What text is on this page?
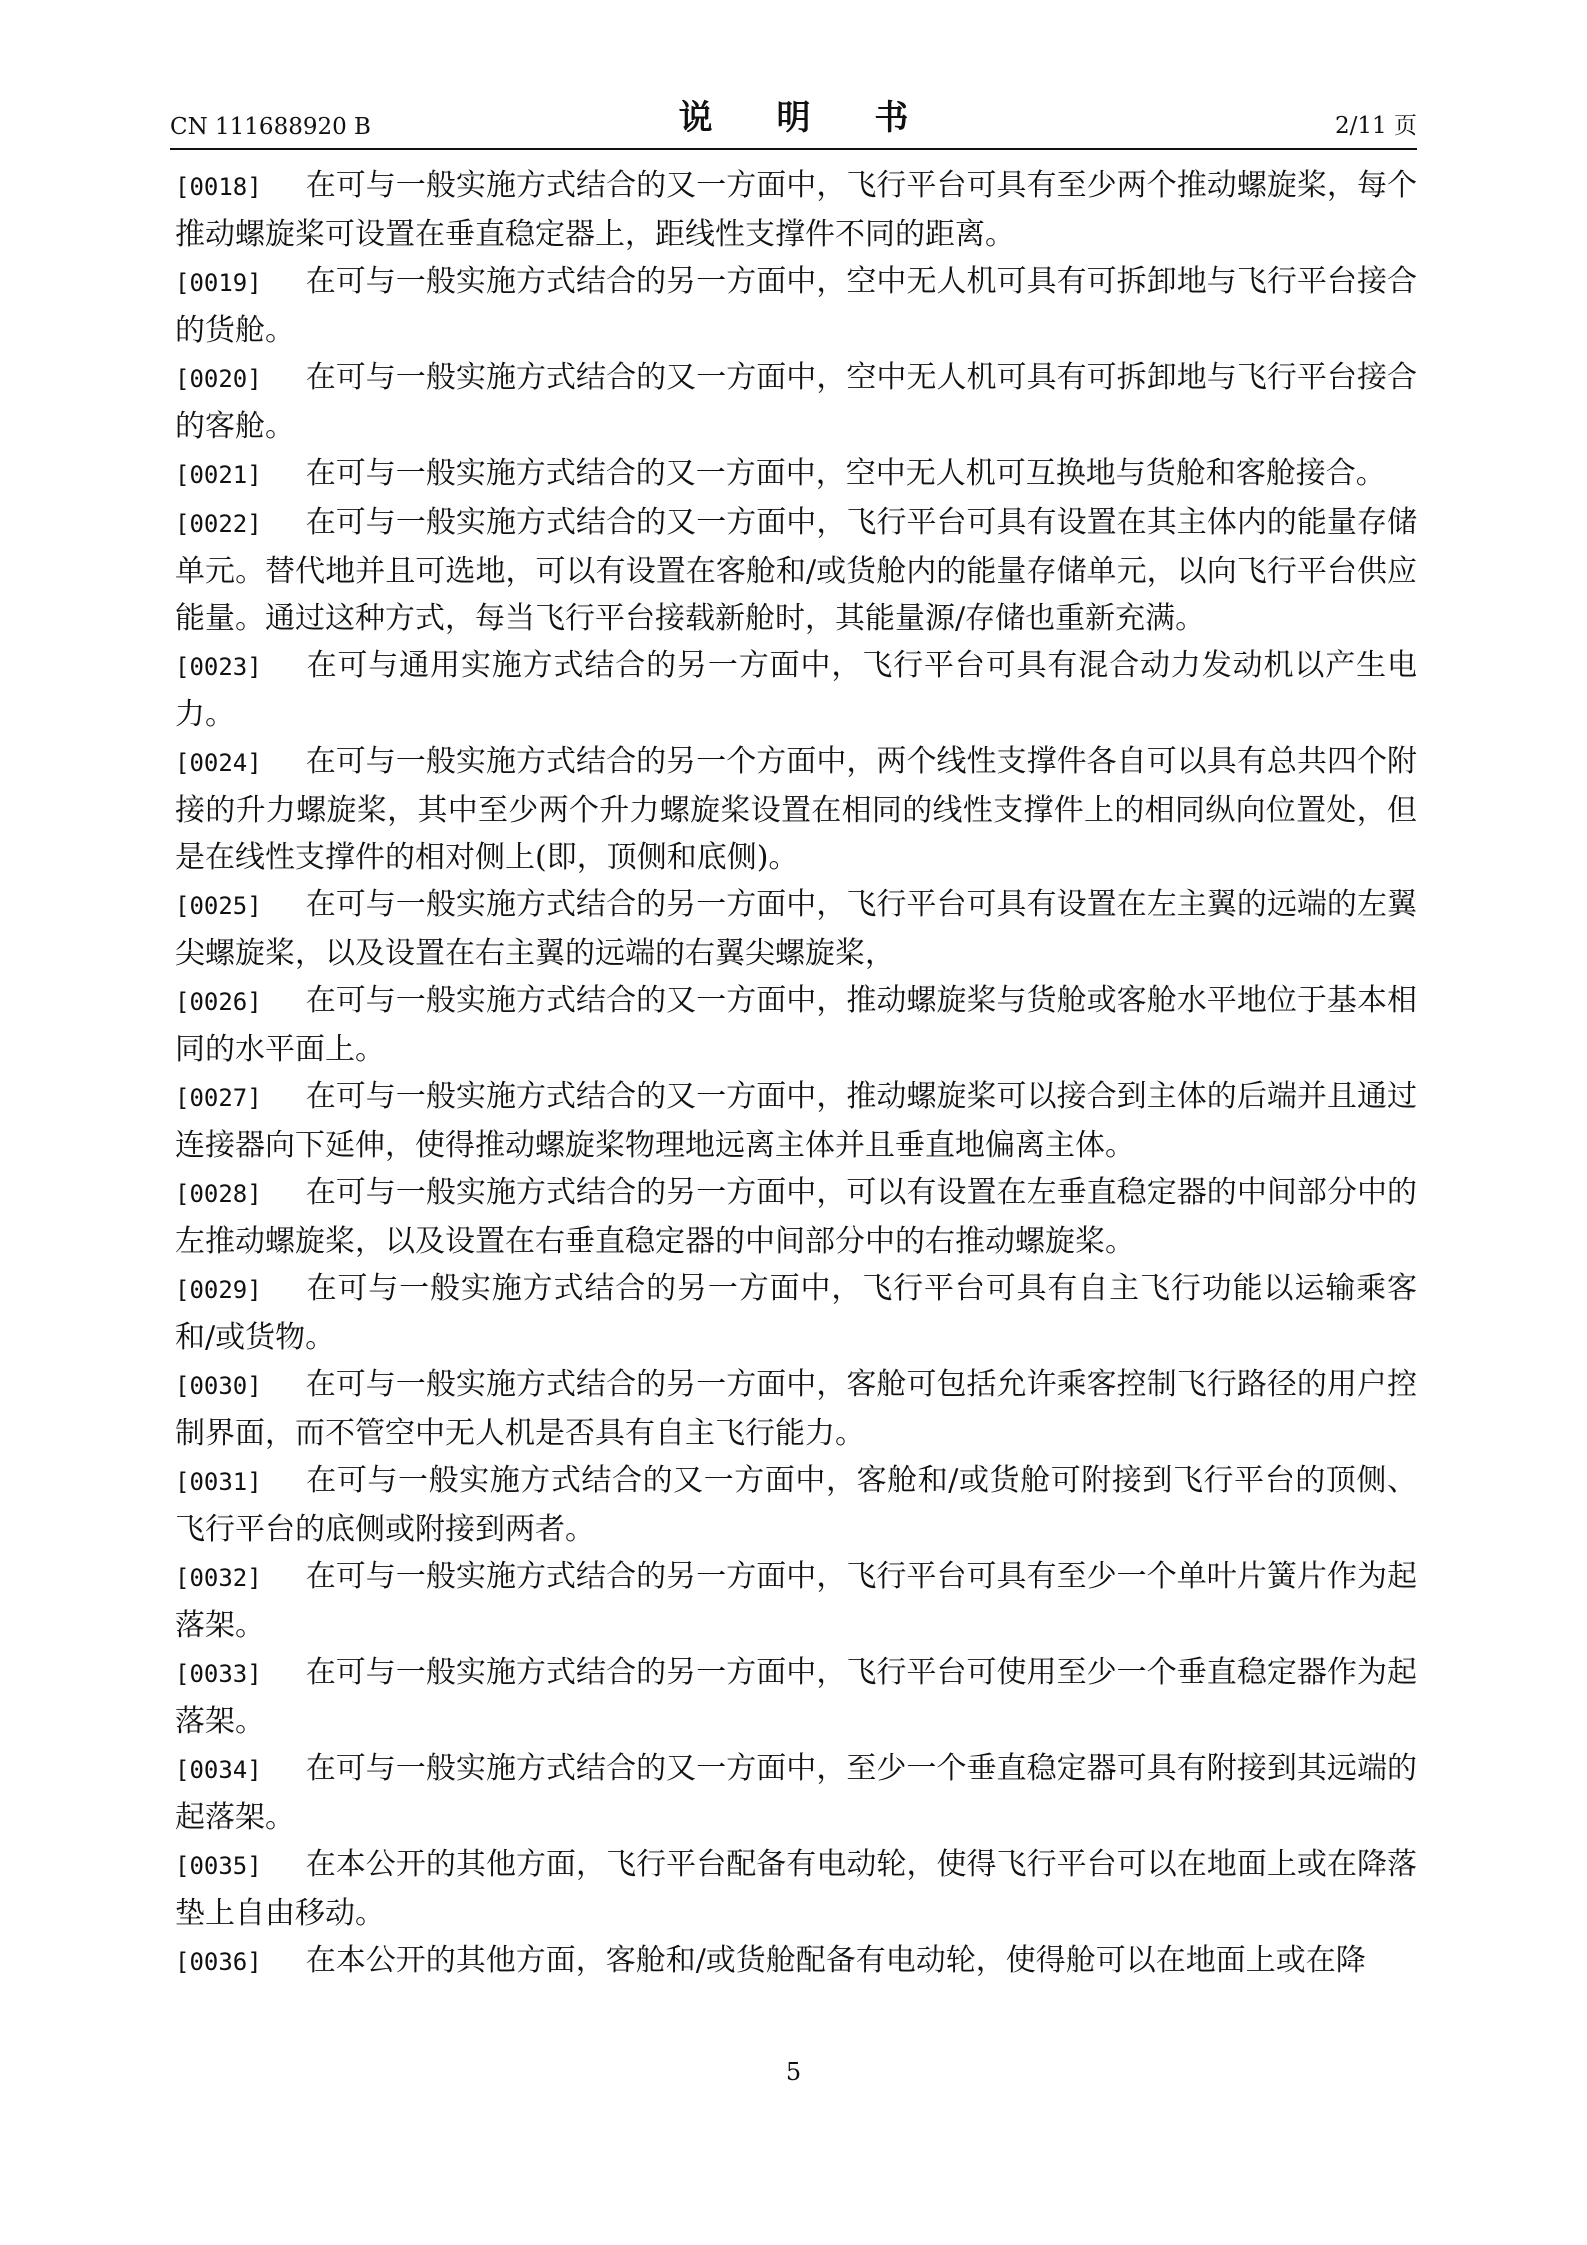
CN 111688920 B	说 明 书	2/11 页

[0018] 在可与一般实施方式结合的又一方面中，飞行平台可具有至少两个推动螺旋桨，每个推动螺旋桨可设置在垂直稳定器上，距线性支撑件不同的距离。

[0019] 在可与一般实施方式结合的另一方面中，空中无人机可具有可拆卸地与飞行平台接合的货舱。

[0020] 在可与一般实施方式结合的又一方面中，空中无人机可具有可拆卸地与飞行平台接合的客舱。

[0021] 在可与一般实施方式结合的又一方面中，空中无人机可互换地与货舱和客舱接合。

[0022] 在可与一般实施方式结合的又一方面中，飞行平台可具有设置在其主体内的能量存储单元。替代地并且可选地，可以有设置在客舱和/或货舱内的能量存储单元，以向飞行平台供应能量。通过这种方式，每当飞行平台接载新舱时，其能量源/存储也重新充满。

[0023] 在可与通用实施方式结合的另一方面中，飞行平台可具有混合动力发动机以产生电力。

[0024] 在可与一般实施方式结合的另一个方面中，两个线性支撑件各自可以具有总共四个附接的升力螺旋桨，其中至少两个升力螺旋桨设置在相同的线性支撑件上的相同纵向位置处，但是在线性支撑件的相对侧上(即，顶侧和底侧)。

[0025] 在可与一般实施方式结合的另一方面中，飞行平台可具有设置在左主翼的远端的左翼尖螺旋桨，以及设置在右主翼的远端的右翼尖螺旋桨，

[0026] 在可与一般实施方式结合的又一方面中，推动螺旋桨与货舱或客舱水平地位于基本相同的水平面上。

[0027] 在可与一般实施方式结合的又一方面中，推动螺旋桨可以接合到主体的后端并且通过连接器向下延伸，使得推动螺旋桨物理地远离主体并且垂直地偏离主体。

[0028] 在可与一般实施方式结合的另一方面中，可以有设置在左垂直稳定器的中间部分中的左推动螺旋桨，以及设置在右垂直稳定器的中间部分中的右推动螺旋桨。

[0029] 在可与一般实施方式结合的另一方面中，飞行平台可具有自主飞行功能以运输乘客和/或货物。

[0030] 在可与一般实施方式结合的另一方面中，客舱可包括允许乘客控制飞行路径的用户控制界面，而不管空中无人机是否具有自主飞行能力。

[0031] 在可与一般实施方式结合的又一方面中，客舱和/或货舱可附接到飞行平台的顶侧、飞行平台的底侧或附接到两者。

[0032] 在可与一般实施方式结合的另一方面中，飞行平台可具有至少一个单叶片簧片作为起落架。

[0033] 在可与一般实施方式结合的另一方面中，飞行平台可使用至少一个垂直稳定器作为起落架。

[0034] 在可与一般实施方式结合的又一方面中，至少一个垂直稳定器可具有附接到其远端的起落架。

[0035] 在本公开的其他方面，飞行平台配备有电动轮，使得飞行平台可以在地面上或在降落垫上自由移动。

[0036] 在本公开的其他方面，客舱和/或货舱配备有电动轮，使得舱可以在地面上或在降

5
